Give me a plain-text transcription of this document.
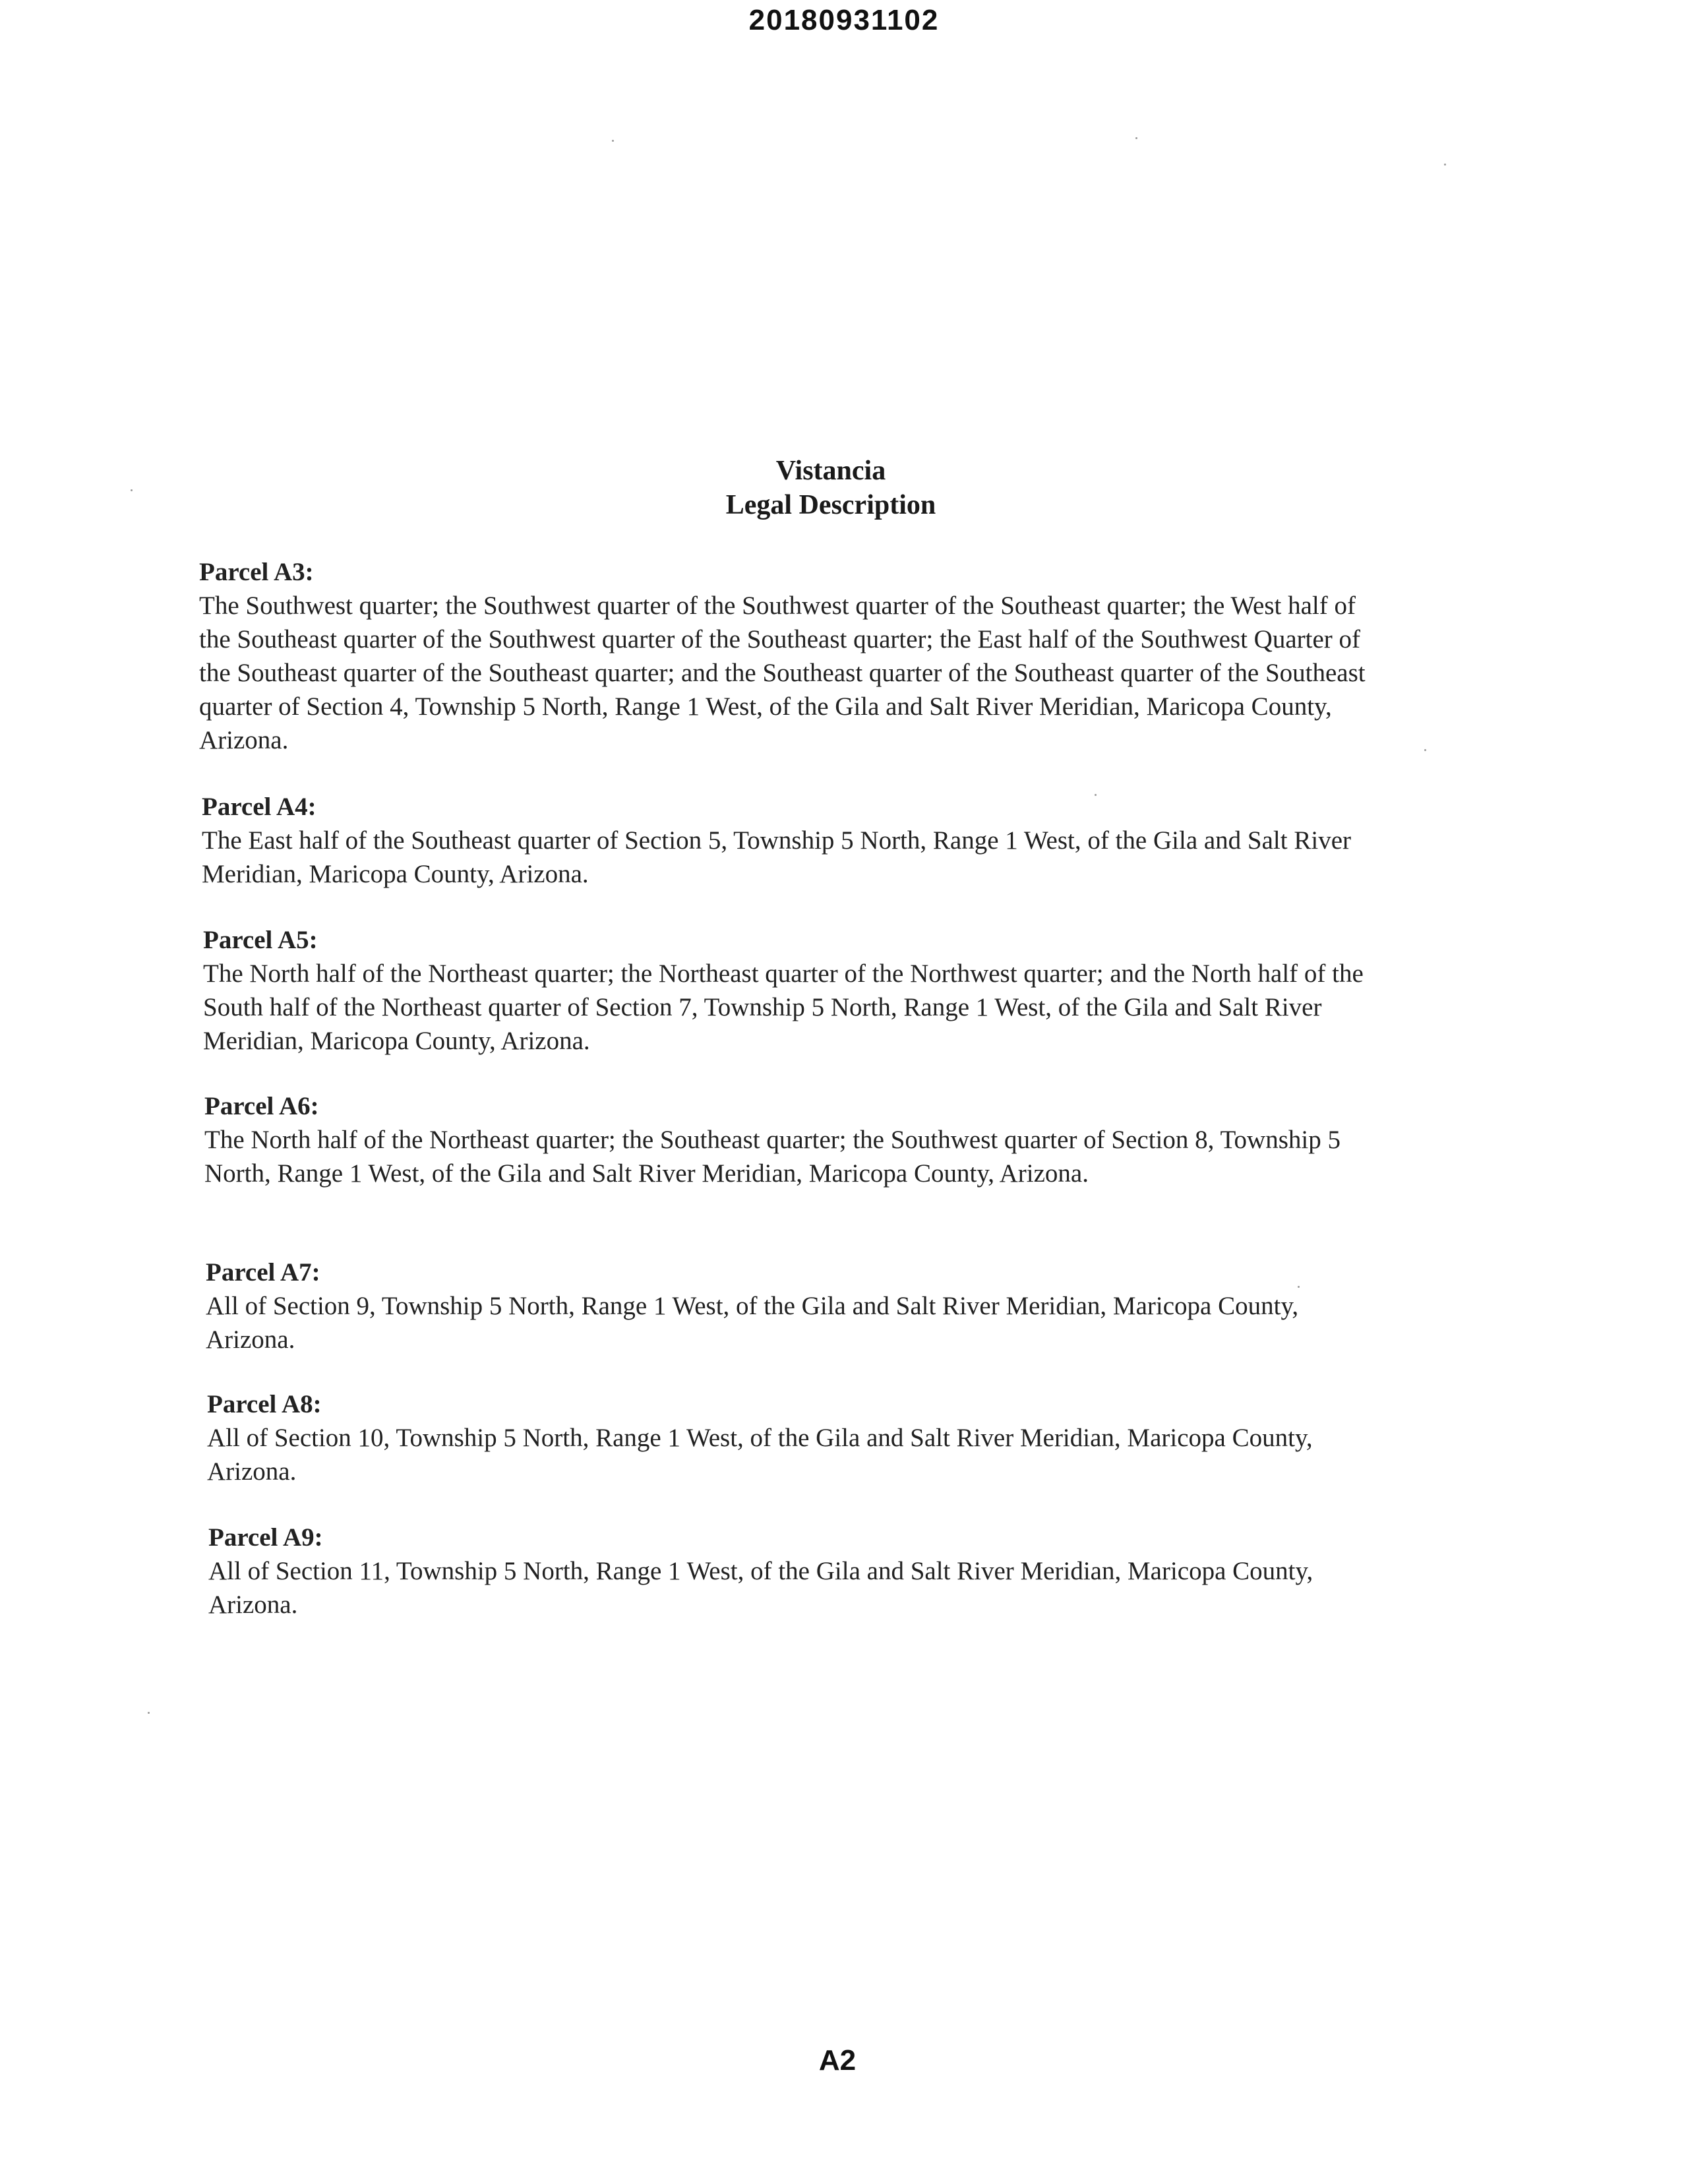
20180931102
Vistancia
Legal Description
Parcel A3:
The Southwest quarter; the Southwest quarter of the Southwest quarter of the Southeast quarter; the West half of the Southeast quarter of the Southwest quarter of the Southeast quarter; the East half of the Southwest Quarter of the Southeast quarter of the Southeast quarter; and the Southeast quarter of the Southeast quarter of the Southeast quarter of Section 4, Township 5 North, Range 1 West, of the Gila and Salt River Meridian, Maricopa County, Arizona.
Parcel A4:
The East half of the Southeast quarter of Section 5, Township 5 North, Range 1 West, of the Gila and Salt River Meridian, Maricopa County, Arizona.
Parcel A5:
The North half of the Northeast quarter; the Northeast quarter of the Northwest quarter; and the North half of the South half of the Northeast quarter of Section 7, Township 5 North, Range 1 West, of the Gila and Salt River Meridian, Maricopa County, Arizona.
Parcel A6:
The North half of the Northeast quarter; the Southeast quarter; the Southwest quarter of Section 8, Township 5 North, Range 1 West, of the Gila and Salt River Meridian, Maricopa County, Arizona.
Parcel A7:
All of Section 9, Township 5 North, Range 1 West, of the Gila and Salt River Meridian, Maricopa County, Arizona.
Parcel A8:
All of Section 10, Township 5 North, Range 1 West, of the Gila and Salt River Meridian, Maricopa County, Arizona.
Parcel A9:
All of Section 11, Township 5 North, Range 1 West, of the Gila and Salt River Meridian, Maricopa County, Arizona.
A2
